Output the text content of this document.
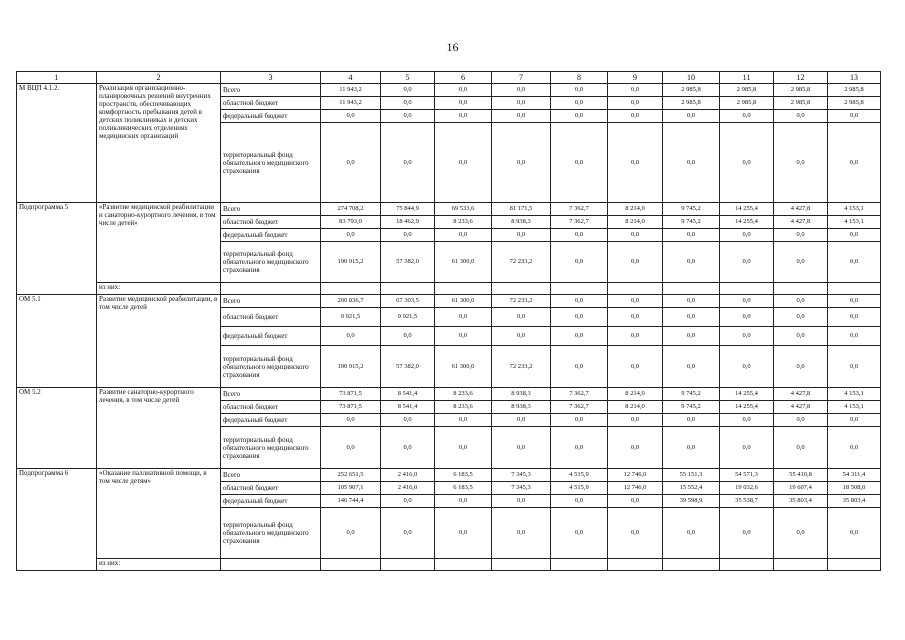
16
1	2	3	4	5	6	7	8	9	10	11	12	13
М ВЦП 4.1.2.	Реализация организационно-планировочных решений внутренних пространств, обеспечивающих комфортность пребывания детей в детских поликлиниках и детских поликлинических отделениях медицинских организаций	Всего	11 943,2	0,0	0,0	0,0	0,0	0,0	2 985,8	2 985,8	2 985,8	2 985,8
		областной бюджет	11 943,2	0,0	0,0	0,0	0,0	0,0	2 985,8	2 985,8	2 985,8	2 985,8
		федеральный бюджет	0,0	0,0	0,0	0,0	0,0	0,0	0,0	0,0	0,0	0,0
		территориальный фонд обязательного медицинского страхования	0,0	0,0	0,0	0,0	0,0	0,0	0,0	0,0	0,0	0,0
Подпрограмма 5	«Развитие медицинской реабилитации и санаторно-курортного лечения, в том числе детей»	Всего	274 708,2	75 844,9	69 533,6	81 171,5	7 362,7	8 214,0	9 745,2	14 255,4	4 427,8	4 153,1
		областной бюджет	83 793,0	18 462,9	8 233,6	8 938,3	7 362,7	8 214,0	9 745,2	14 255,4	4 427,8	4 153,1
		федеральный бюджет	0,0	0,0	0,0	0,0	0,0	0,0	0,0	0,0	0,0	0,0
		территориальный фонд обязательного медицинского страхования	190 915,2	57 382,0	61 300,0	72 233,2	0,0	0,0	0,0	0,0	0,0	0,0
	из них:											
ОМ 5.1	Развитие медицинской реабилитации, в том числе детей	Всего	200 836,7	67 303,5	61 300,0	72 233,2	0,0	0,0	0,0	0,0	0,0	0,0
		областной бюджет	9 921,5	9 921,5	0,0	0,0	0,0	0,0	0,0	0,0	0,0	0,0
		федеральный бюджет	0,0	0,0	0,0	0,0	0,0	0,0	0,0	0,0	0,0	0,0
		территориальный фонд обязательного медицинского страхования	190 915,2	57 382,0	61 300,0	72 233,2	0,0	0,0	0,0	0,0	0,0	0,0
ОМ 5.2	Развитие санаторно-курортного лечения, в том числе детей	Всего	73 871,5	8 541,4	8 233,6	8 938,3	7 362,7	8 214,0	9 745,2	14 255,4	4 427,8	4 153,1
		областной бюджет	73 871,5	8 541,4	8 233,6	8 938,3	7 362,7	8 214,0	9 745,2	14 255,4	4 427,8	4 153,1
		федеральный бюджет	0,0	0,0	0,0	0,0	0,0	0,0	0,0	0,0	0,0	0,0
		территориальный фонд обязательного медицинского страхования	0,0	0,0	0,0	0,0	0,0	0,0	0,0	0,0	0,0	0,0
Подпрограмма 6	«Оказание паллиативной помощи, в том числе детям»	Всего	252 651,5	2 416,0	6 183,5	7 345,3	4 515,9	12 746,0	55 151,3	54 571,3	55 410,8	54 311,4
		областной бюджет	105 907,1	2 416,0	6 183,5	7 345,3	4 515,9	12 746,0	15 552,4	19 032,6	19 607,4	18 508,0
		федеральный бюджет	146 744,4	0,0	0,0	0,0	0,0	0,0	39 598,9	35 538,7	35 803,4	35 803,4
		территориальный фонд обязательного медицинского страхования	0,0	0,0	0,0	0,0	0,0	0,0	0,0	0,0	0,0	0,0
	из них:											
